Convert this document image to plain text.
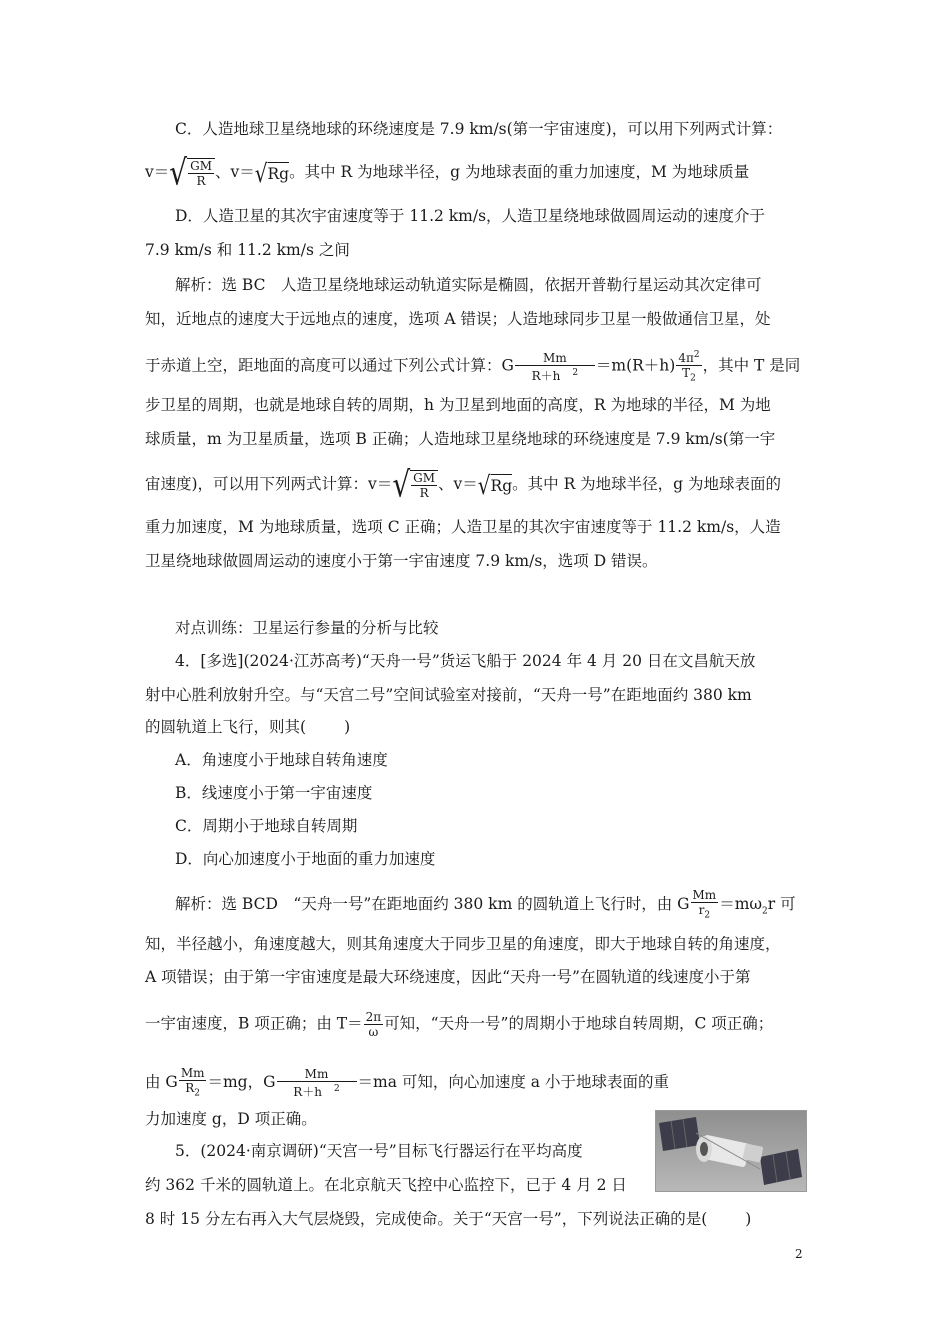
C．人造地球卫星绕地球的环绕速度是 7.9 km/s(第一宇宙速度)，可以用下列两式计算：
$v=√ \frac{GM}{R}$ 、v＝√Rg。其中 R 为地球半径，g 为地球表面的重力加速度，M 为地球质量
D．人造卫星的其次宇宙速度等于 11.2 km/s，人造卫星绕地球做圆周运动的速度介于
7.9 km/s 和 11.2 km/s 之间
解析：选 BC　人造卫星绕地球运动轨道实际是椭圆，依据开普勒行星运动其次定律可
知，近地点的速度大于远地点的速度，选项 A 错误；人造地球同步卫星一般做通信卫星，处
于赤道上空，距地面的高度可以通过下列公式计算：G $\frac{Mm}{R+h ^2} =m(R+h) \frac{4\pi^2}{T_2}$ ，其中 T 是同
步卫星的周期，也就是地球自转的周期，h 为卫星到地面的高度，R 为地球的半径，M 为地
球质量，m 为卫星质量，选项 B 正确；人造地球卫星绕地球的环绕速度是 7.9 km/s(第一宇
宙速度)，可以用下列两式计算：$v=√ \frac{GM}{R}$ 、v＝√Rg。其中 R 为地球半径，g 为地球表面的
重力加速度，M 为地球质量，选项 C 正确；人造卫星的其次宇宙速度等于 11.2 km/s，人造
卫星绕地球做圆周运动的速度小于第一宇宙速度 7.9 km/s，选项 D 错误。
对点训练：卫星运行参量的分析与比较
4．[多选](2024·江苏高考)“天舟一号”货运飞船于 2024 年 4 月 20 日在文昌航天放
射中心胜利放射升空。与“天宫二号”空间试验室对接前，“天舟一号”在距地面约 380 km
的圆轨道上飞行，则其( )
A．角速度小于地球自转角速度
B．线速度小于第一宇宙速度
C．周期小于地球自转周期
D．向心加速度小于地面的重力加速度
解析：选 BCD　“天舟一号”在距地面约 380 km 的圆轨道上飞行时，由 G $\frac{Mm}{r_2} =m\omega_2r$ 可
知，半径越小，角速度越大，则其角速度大于同步卫星的角速度，即大于地球自转的角速度，
A 项错误；由于第一宇宙速度是最大环绕速度，因此“天舟一号”在圆轨道的线速度小于第
一宇宙速度，B 项正确；由 $T= \frac{2\pi}{\omega}$ 可知，“天舟一号”的周期小于地球自转周期，C 项正确；
由 G $\frac{Mm}{R_2} =mg$，G $\frac{Mm}{R+h ^2} =ma$ 可知，向心加速度 a 小于地球表面的重
力加速度 g，D 项正确。
5．(2024·南京调研)“天宫一号”目标飞行器运行在平均高度
约 362 千米的圆轨道上。在北京航天飞控中心监控下，已于 4 月 2 日
8 时 15 分左右再入大气层烧毁，完成使命。关于“天宫一号”，下列说法正确的是( )
2
